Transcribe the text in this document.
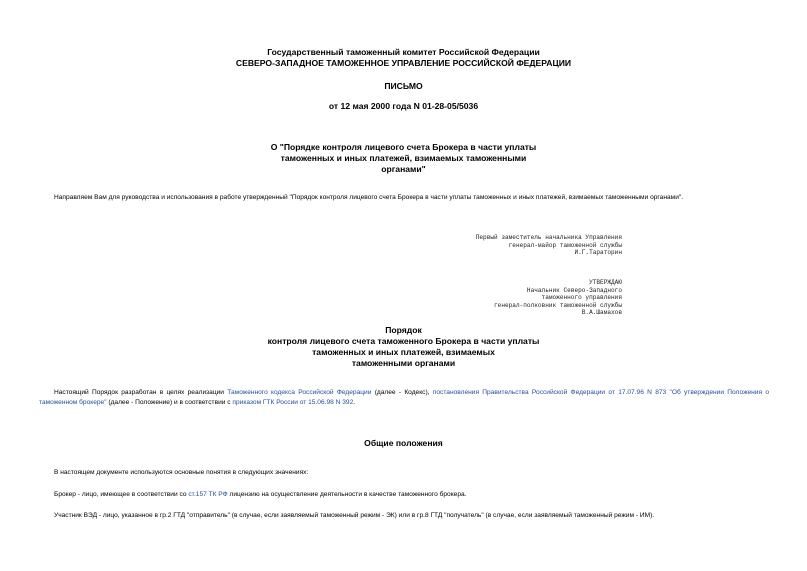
Государственный таможенный комитет Российской Федерации
СЕВЕРО-ЗАПАДНОЕ ТАМОЖЕННОЕ УПРАВЛЕНИЕ РОССИЙСКОЙ ФЕДЕРАЦИИ
ПИСЬМО
от 12 мая 2000 года N 01-28-05/5036
О "Порядке контроля лицевого счета Брокера в части уплаты
таможенных и иных платежей, взимаемых таможенными
органами"
Направляем Вам для руководства и использования в работе утвержденный "Порядок контроля лицевого счета Брокера в части уплаты таможенных и иных платежей, взимаемых таможенными органами".
Первый заместитель начальника Управления
генерал-майор таможенной службы
И.Г.Тараторин
УТВЕРЖДАЮ
Начальник Северо-Западного
таможенного управления
генерал-полковник таможенной службы
В.А.Шамахов
Порядок
контроля лицевого счета таможенного Брокера в части уплаты
таможенных и иных платежей, взимаемых
таможенными органами
Настоящий Порядок разработан в целях реализации Таможенного кодекса Российской Федерации (далее - Кодекс), постановления Правительства Российской Федерации от 17.07.96 N 873 "Об утверждении Положения о таможенном брокере" (далее - Положение) и в соответствии с приказом ГТК России от 15.06.98 N 392.
Общие положения
В настоящем документе используются основные понятия в следующих значениях:
Брокер - лицо, имеющее в соответствии со ст.157 ТК РФ лицензию на осуществление деятельности в качестве таможенного брокера.
Участник ВЭД - лицо, указанное в гр.2 ГТД "отправитель" (в случае, если заявляемый таможенный режим - ЭК) или в гр.8 ГТД "получатель" (в случае, если заявляемый таможенный режим - ИМ).
